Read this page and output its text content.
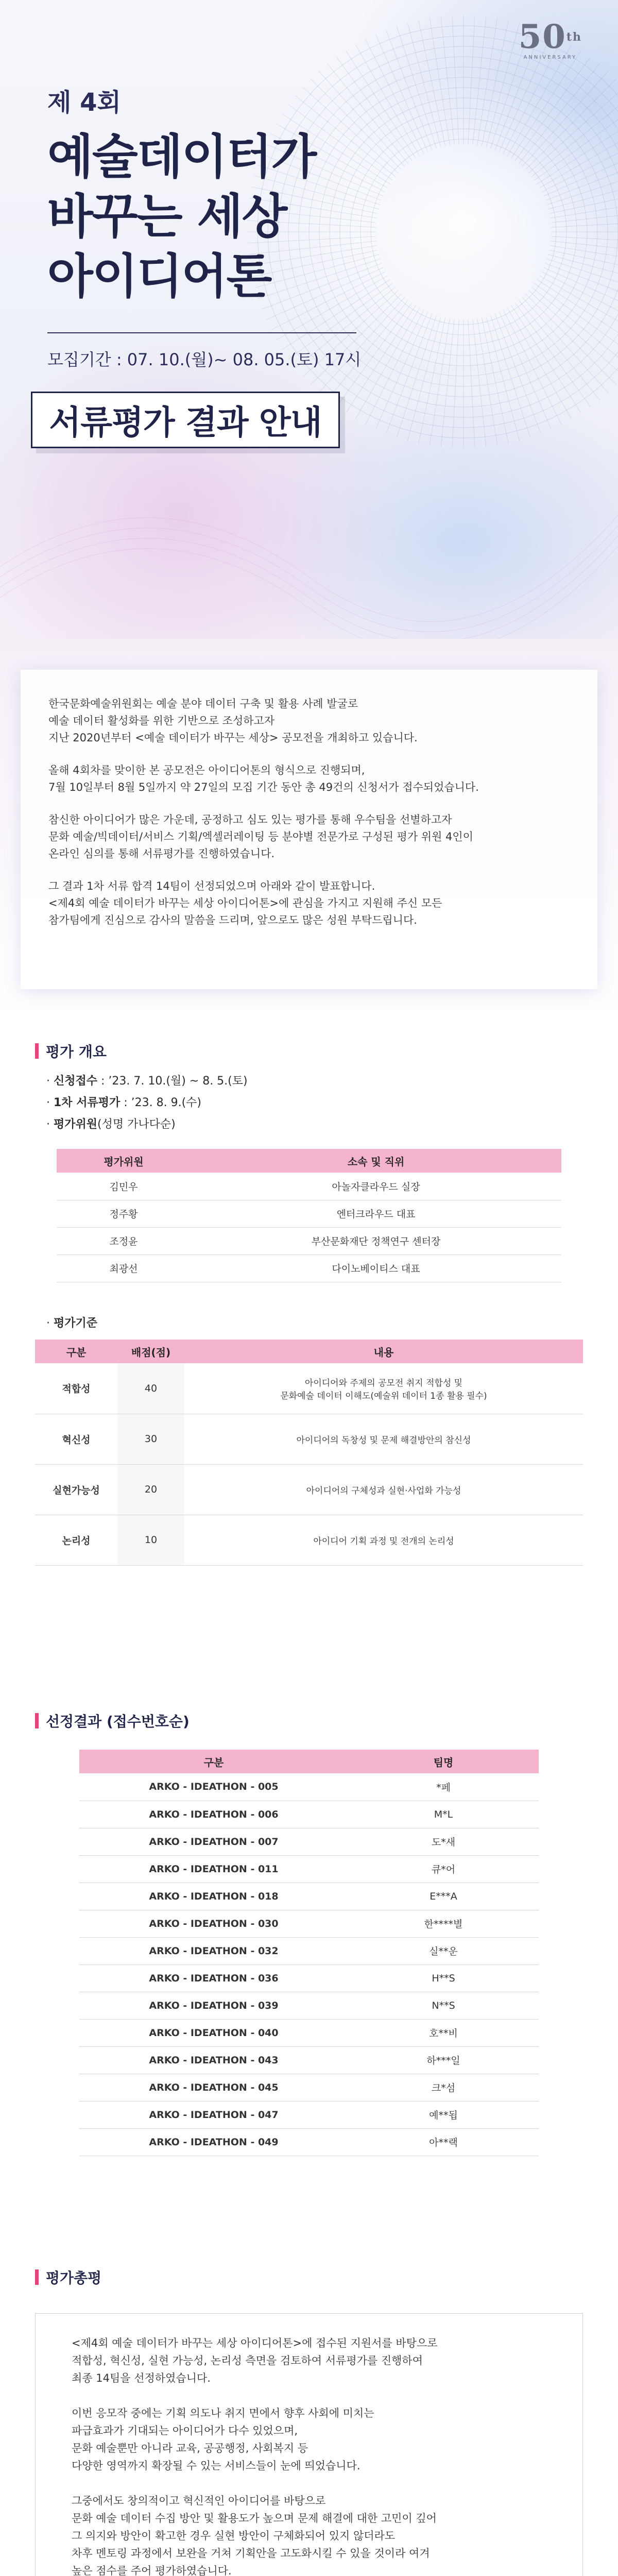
50th
ANNIVERSARY
제 4회
예술데이터가
바꾸는 세상
아이디어톤
모집기간 : 07. 10.(월)~ 08. 05.(토) 17시
서류평가 결과 안내

한국문화예술위원회는 예술 분야 데이터 구축 및 활용 사례 발굴로
예술 데이터 활성화를 위한 기반으로 조성하고자
지난 2020년부터 <예술 데이터가 바꾸는 세상> 공모전을 개최하고 있습니다.

올해 4회차를 맞이한 본 공모전은 아이디어톤의 형식으로 진행되며,
7월 10일부터 8월 5일까지 약 27일의 모집 기간 동안 총 49건의 신청서가 접수되었습니다.

참신한 아이디어가 많은 가운데, 공정하고 심도 있는 평가를 통해 우수팀을 선별하고자
문화 예술/빅데이터/서비스 기획/엑셀러레이팅 등 분야별 전문가로 구성된 평가 위원 4인이
온라인 심의를 통해 서류평가를 진행하였습니다.

그 결과 1차 서류 합격 14팀이 선정되었으며 아래와 같이 발표합니다.
<제4회 예술 데이터가 바꾸는 세상 아이디어톤>에 관심을 가지고 지원해 주신 모든
참가팀에게 진심으로 감사의 말씀을 드리며, 앞으로도 많은 성원 부탁드립니다.

평가 개요
· 신청접수 : ’23. 7. 10.(월) ~ 8. 5.(토)
· 1차 서류평가 : ’23. 8. 9.(수)
· 평가위원(성명 가나다순)
평가위원	소속 및 직위
김민우	아놀자클라우드 실장
정주황	엔터크라우드 대표
조정윤	부산문화재단 정책연구 센터장
최광선	다이노베이티스 대표
· 평가기준
구분	배점(점)	내용
적합성	40	아이디어와 주제의 공모전 취지 적합성 및
문화예술 데이터 이해도(예술위 데이터 1종 활용 필수)
혁신성	30	아이디어의 독창성 및 문제 해결방안의 참신성
실현가능성	20	아이디어의 구체성과 실현·사업화 가능성
논리성	10	아이디어 기획 과정 및 전개의 논리성
선정결과 (접수번호순)
구분	팀명
ARKO - IDEATHON - 005	*페
ARKO - IDEATHON - 006	M*L
ARKO - IDEATHON - 007	도*새
ARKO - IDEATHON - 011	큐*어
ARKO - IDEATHON - 018	E***A
ARKO - IDEATHON - 030	한****별
ARKO - IDEATHON - 032	실**운
ARKO - IDEATHON - 036	H**S
ARKO - IDEATHON - 039	N**S
ARKO - IDEATHON - 040	호**비
ARKO - IDEATHON - 043	하***일
ARKO - IDEATHON - 045	크*섬
ARKO - IDEATHON - 047	예**됩
ARKO - IDEATHON - 049	아**랙
평가총평

<제4회 예술 데이터가 바꾸는 세상 아이디어톤>에 접수된 지원서를 바탕으로
적합성, 혁신성, 실현 가능성, 논리성 측면을 검토하여 서류평가를 진행하여
최종 14팀을 선정하였습니다.

이번 응모작 중에는 기획 의도나 취지 면에서 향후 사회에 미치는
파급효과가 기대되는 아이디어가 다수 있었으며,
문화 예술뿐만 아니라 교육, 공공행정, 사회복지 등
다양한 영역까지 확장될 수 있는 서비스들이 눈에 띄었습니다.

그중에서도 창의적이고 혁신적인 아이디어를 바탕으로
문화 예술 데이터 수집 방안 및 활용도가 높으며 문제 해결에 대한 고민이 깊어
그 의지와 방안이 확고한 경우 실현 방안이 구체화되어 있지 않더라도
차후 멘토링 과정에서 보완을 거쳐 기획안을 고도화시킬 수 있을 것이라 여겨
높은 점수를 주어 평가하였습니다.
